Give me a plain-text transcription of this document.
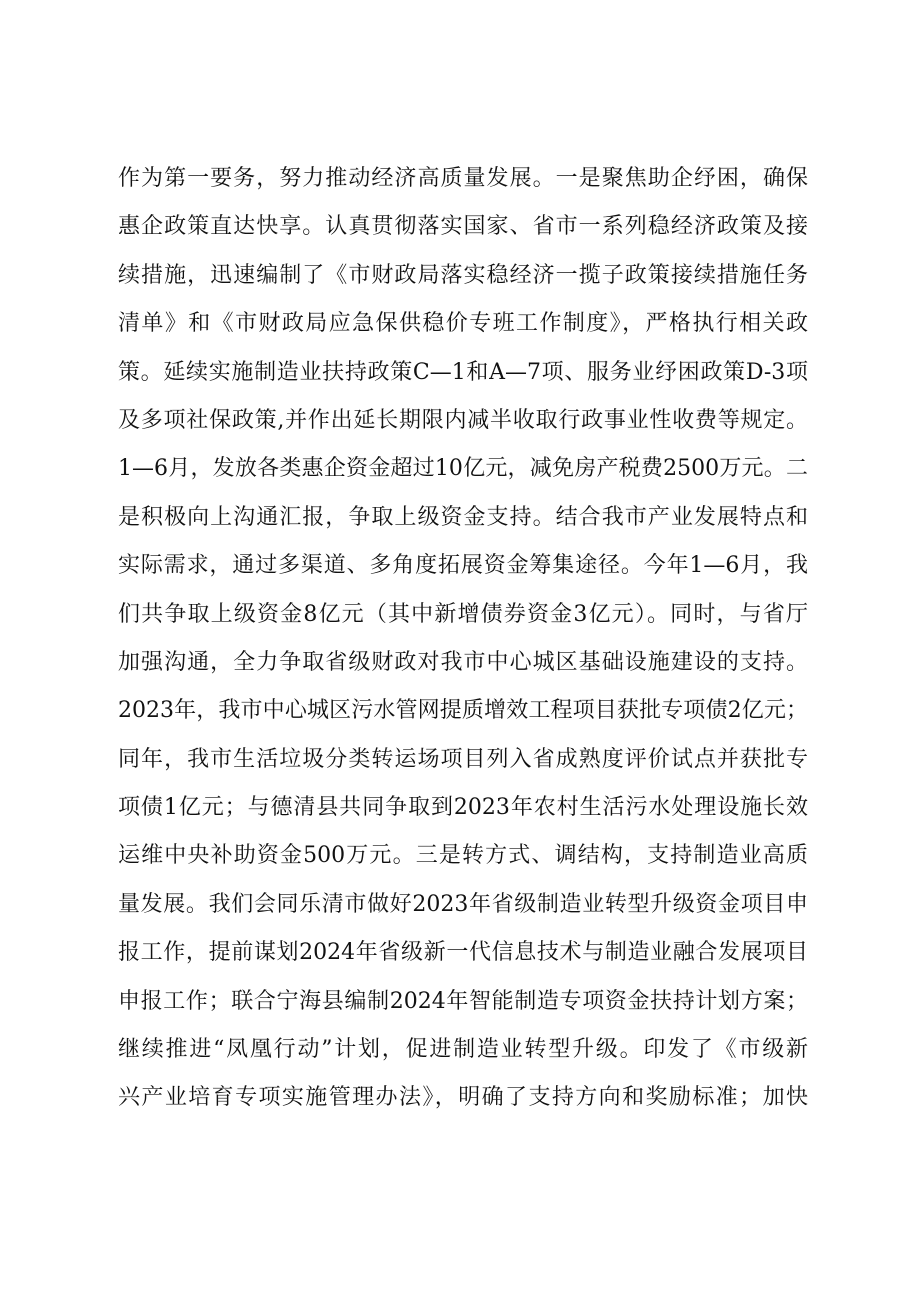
作为第一要务，努力推动经济高质量发展。一是聚焦助企纾困，确保
惠企政策直达快享。认真贯彻落实国家、省市一系列稳经济政策及接
续措施，迅速编制了《市财政局落实稳经济一揽子政策接续措施任务
清单》和《市财政局应急保供稳价专班工作制度》，严格执行相关政
策。延续实施制造业扶持政策C—1和A—7项、服务业纾困政策D-3项
及多项社保政策,并作出延长期限内减半收取行政事业性收费等规定。
1—6月，发放各类惠企资金超过10亿元，减免房产税费2500万元。二
是积极向上沟通汇报，争取上级资金支持。结合我市产业发展特点和
实际需求，通过多渠道、多角度拓展资金筹集途径。今年1—6月，我
们共争取上级资金8亿元（其中新增债券资金3亿元）。同时，与省厅
加强沟通，全力争取省级财政对我市中心城区基础设施建设的支持。
2023年，我市中心城区污水管网提质增效工程项目获批专项债2亿元；
同年，我市生活垃圾分类转运场项目列入省成熟度评价试点并获批专
项债1亿元；与德清县共同争取到2023年农村生活污水处理设施长效
运维中央补助资金500万元。三是转方式、调结构，支持制造业高质
量发展。我们会同乐清市做好2023年省级制造业转型升级资金项目申
报工作，提前谋划2024年省级新一代信息技术与制造业融合发展项目
申报工作；联合宁海县编制2024年智能制造专项资金扶持计划方案；
继续推进“凤凰行动”计划，促进制造业转型升级。印发了《市级新
兴产业培育专项实施管理办法》，明确了支持方向和奖励标准；加快
